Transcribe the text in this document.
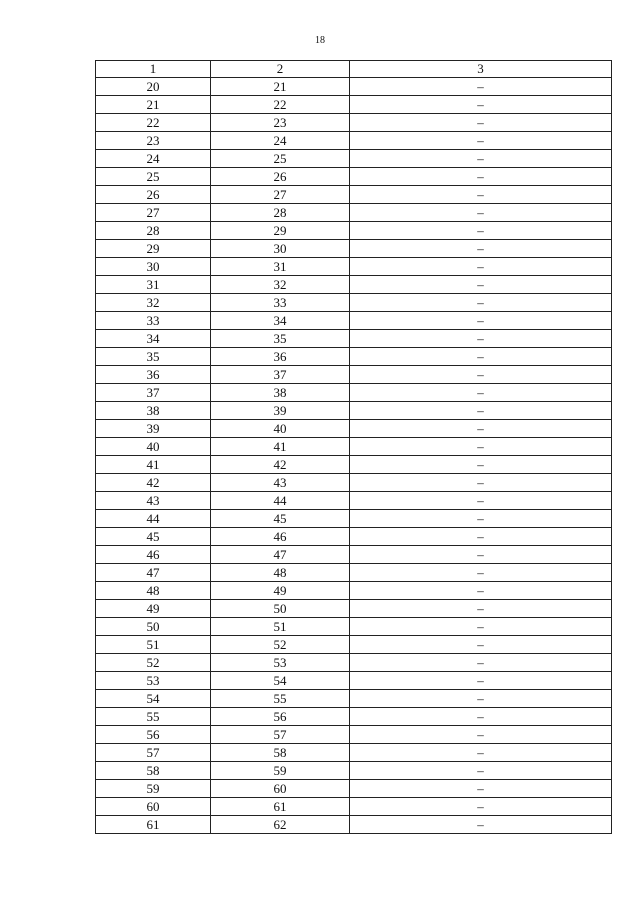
18
1	2	3
20	21	–
21	22	–
22	23	–
23	24	–
24	25	–
25	26	–
26	27	–
27	28	–
28	29	–
29	30	–
30	31	–
31	32	–
32	33	–
33	34	–
34	35	–
35	36	–
36	37	–
37	38	–
38	39	–
39	40	–
40	41	–
41	42	–
42	43	–
43	44	–
44	45	–
45	46	–
46	47	–
47	48	–
48	49	–
49	50	–
50	51	–
51	52	–
52	53	–
53	54	–
54	55	–
55	56	–
56	57	–
57	58	–
58	59	–
59	60	–
60	61	–
61	62	–
